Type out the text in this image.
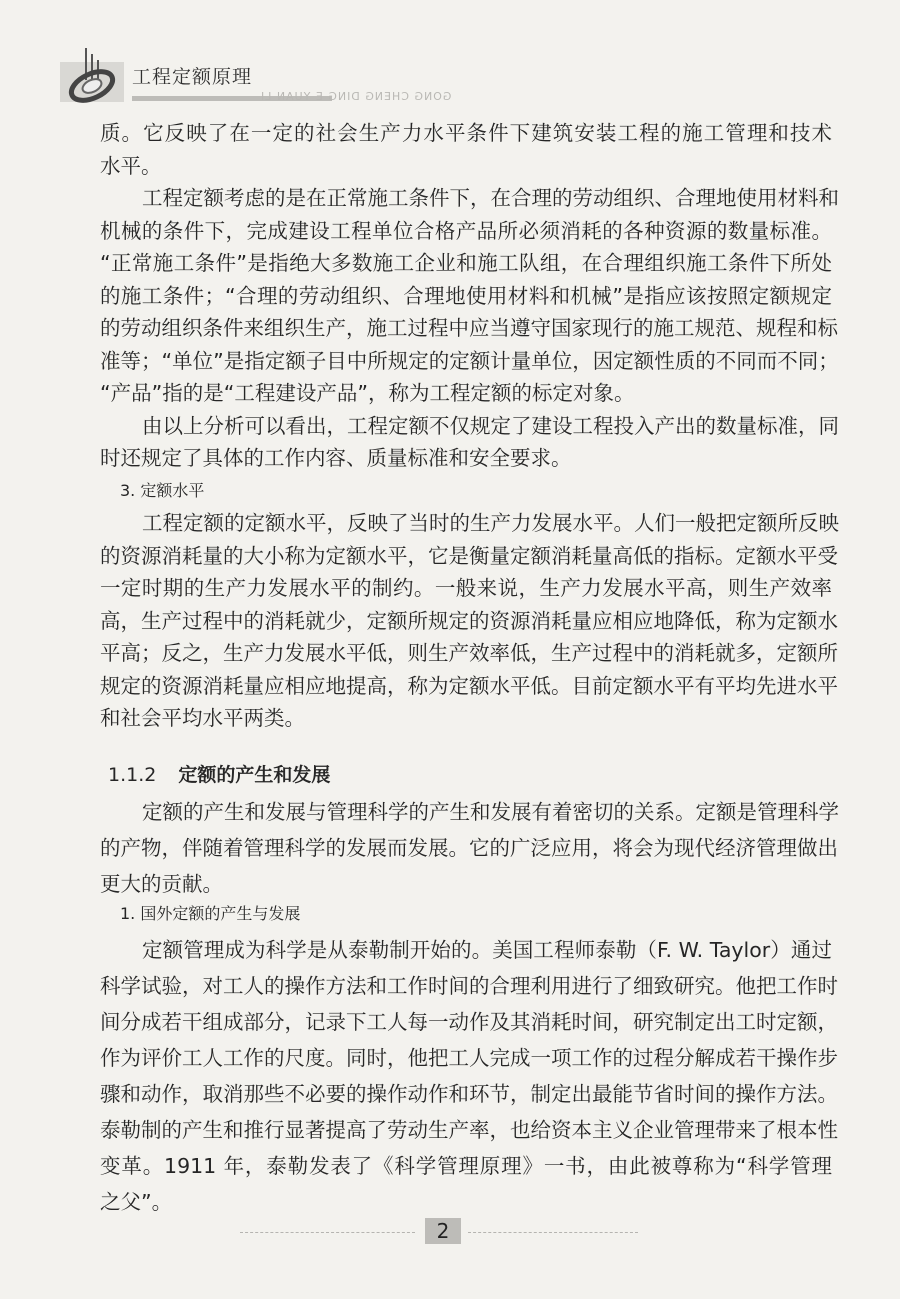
工程定额原理
GONG CHENG DING E YUAN LI
质。它反映了在一定的社会生产力水平条件下建筑安装工程的施工管理和技术
水平。
工程定额考虑的是在正常施工条件下，在合理的劳动组织、合理地使用材料和
机械的条件下，完成建设工程单位合格产品所必须消耗的各种资源的数量标准。
“正常施工条件”是指绝大多数施工企业和施工队组，在合理组织施工条件下所处
的施工条件；“合理的劳动组织、合理地使用材料和机械”是指应该按照定额规定
的劳动组织条件来组织生产，施工过程中应当遵守国家现行的施工规范、规程和标
准等；“单位”是指定额子目中所规定的定额计量单位，因定额性质的不同而不同；
“产品”指的是“工程建设产品”，称为工程定额的标定对象。
由以上分析可以看出，工程定额不仅规定了建设工程投入产出的数量标准，同
时还规定了具体的工作内容、质量标准和安全要求。
3. 定额水平
工程定额的定额水平，反映了当时的生产力发展水平。人们一般把定额所反映
的资源消耗量的大小称为定额水平，它是衡量定额消耗量高低的指标。定额水平受
一定时期的生产力发展水平的制约。一般来说，生产力发展水平高，则生产效率
高，生产过程中的消耗就少，定额所规定的资源消耗量应相应地降低，称为定额水
平高；反之，生产力发展水平低，则生产效率低，生产过程中的消耗就多，定额所
规定的资源消耗量应相应地提高，称为定额水平低。目前定额水平有平均先进水平
和社会平均水平两类。
1.1.2 定额的产生和发展
定额的产生和发展与管理科学的产生和发展有着密切的关系。定额是管理科学
的产物，伴随着管理科学的发展而发展。它的广泛应用，将会为现代经济管理做出
更大的贡献。
1. 国外定额的产生与发展
定额管理成为科学是从泰勒制开始的。美国工程师泰勒（F. W. Taylor）通过
科学试验，对工人的操作方法和工作时间的合理利用进行了细致研究。他把工作时
间分成若干组成部分，记录下工人每一动作及其消耗时间，研究制定出工时定额，
作为评价工人工作的尺度。同时，他把工人完成一项工作的过程分解成若干操作步
骤和动作，取消那些不必要的操作动作和环节，制定出最能节省时间的操作方法。
泰勒制的产生和推行显著提高了劳动生产率，也给资本主义企业管理带来了根本性
变革。1911 年，泰勒发表了《科学管理原理》一书，由此被尊称为“科学管理
之父”。
2
